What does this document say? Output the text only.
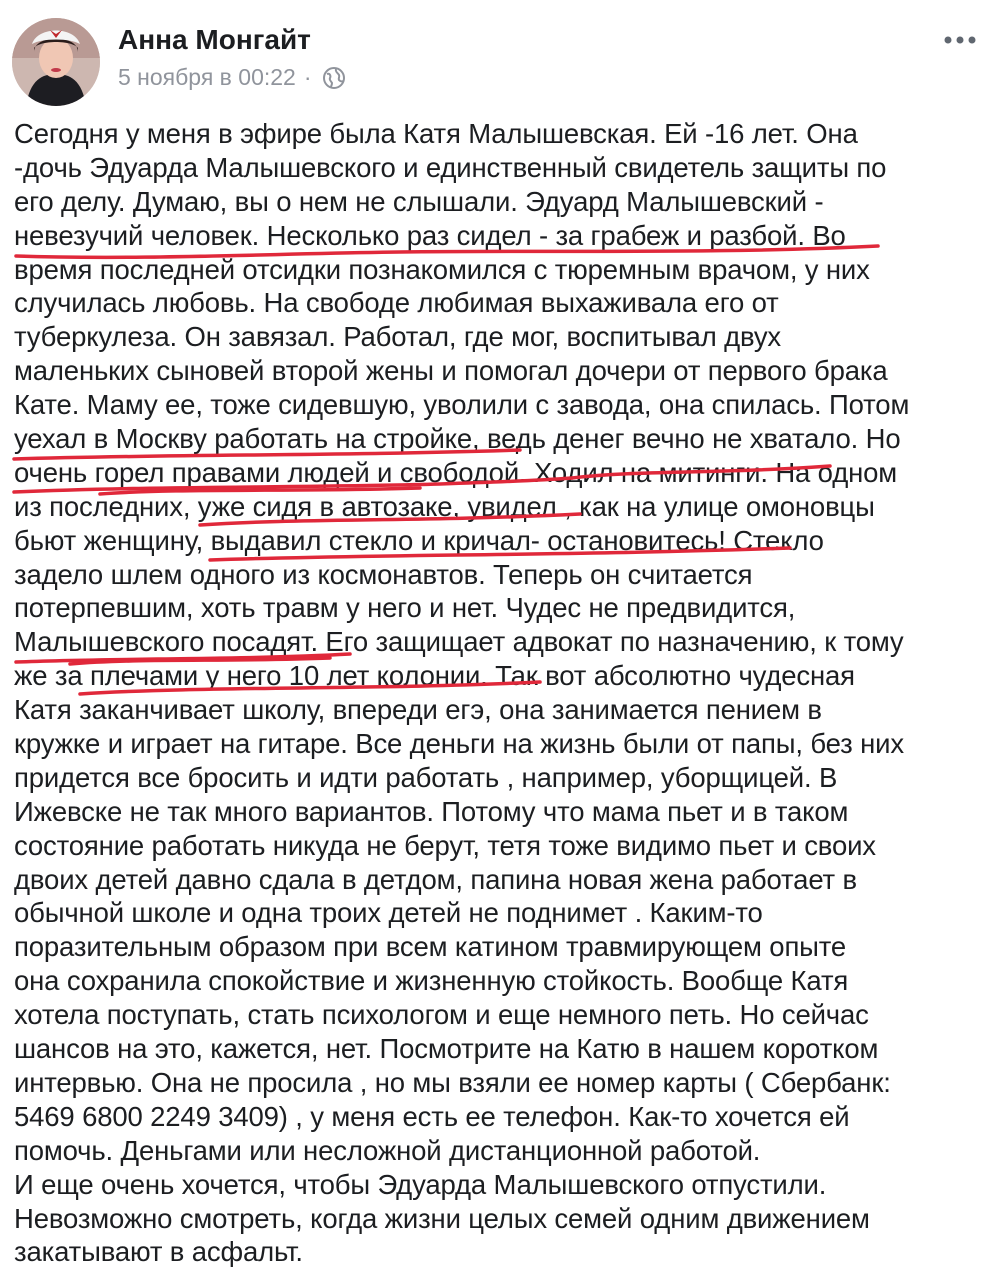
Анна Монгайт
5 ноября в 00:22 ·
Сегодня у меня в эфире была Катя Малышевская. Ей -16 лет. Она
-дочь Эдуарда Малышевского и единственный свидетель защиты по
его делу. Думаю, вы о нем не слышали. Эдуард Малышевский -
невезучий человек. Несколько раз сидел - за грабеж и разбой. Во
время последней отсидки познакомился с тюремным врачом, у них
случилась любовь. На свободе любимая выхаживала его от
туберкулеза. Он завязал. Работал, где мог, воспитывал двух
маленьких сыновей второй жены и помогал дочери от первого брака
Кате. Маму ее, тоже сидевшую, уволили с завода, она спилась. Потом
уехал в Москву работать на стройке, ведь денег вечно не хватало. Но
очень горел правами людей и свободой. Ходил на митинги. На одном
из последних, уже сидя в автозаке, увидел , как на улице омоновцы
бьют женщину, выдавил стекло и кричал- остановитесь! Стекло
задело шлем одного из космонавтов. Теперь он считается
потерпевшим, хоть травм у него и нет. Чудес не предвидится,
Малышевского посадят. Его защищает адвокат по назначению, к тому
же за плечами у него 10 лет колонии. Так вот абсолютно чудесная
Катя заканчивает школу, впереди егэ, она занимается пением в
кружке и играет на гитаре. Все деньги на жизнь были от папы, без них
придется все бросить и идти работать , например, уборщицей. В
Ижевске не так много вариантов. Потому что мама пьет и в таком
состояние работать никуда не берут, тетя тоже видимо пьет и своих
двоих детей давно сдала в детдом, папина новая жена работает в
обычной школе и одна троих детей не поднимет . Каким-то
поразительным образом при всем катином травмирующем опыте
она сохранила спокойствие и жизненную стойкость. Вообще Катя
хотела поступать, стать психологом и еще немного петь. Но сейчас
шансов на это, кажется, нет. Посмотрите на Катю в нашем коротком
интервью. Она не просила , но мы взяли ее номер карты ( Сбербанк:
5469 6800 2249 3409) , у меня есть ее телефон. Как-то хочется ей
помочь. Деньгами или несложной дистанционной работой.
И еще очень хочется, чтобы Эдуарда Малышевского отпустили.
Невозможно смотреть, когда жизни целых семей одним движением
закатывают в асфальт.
